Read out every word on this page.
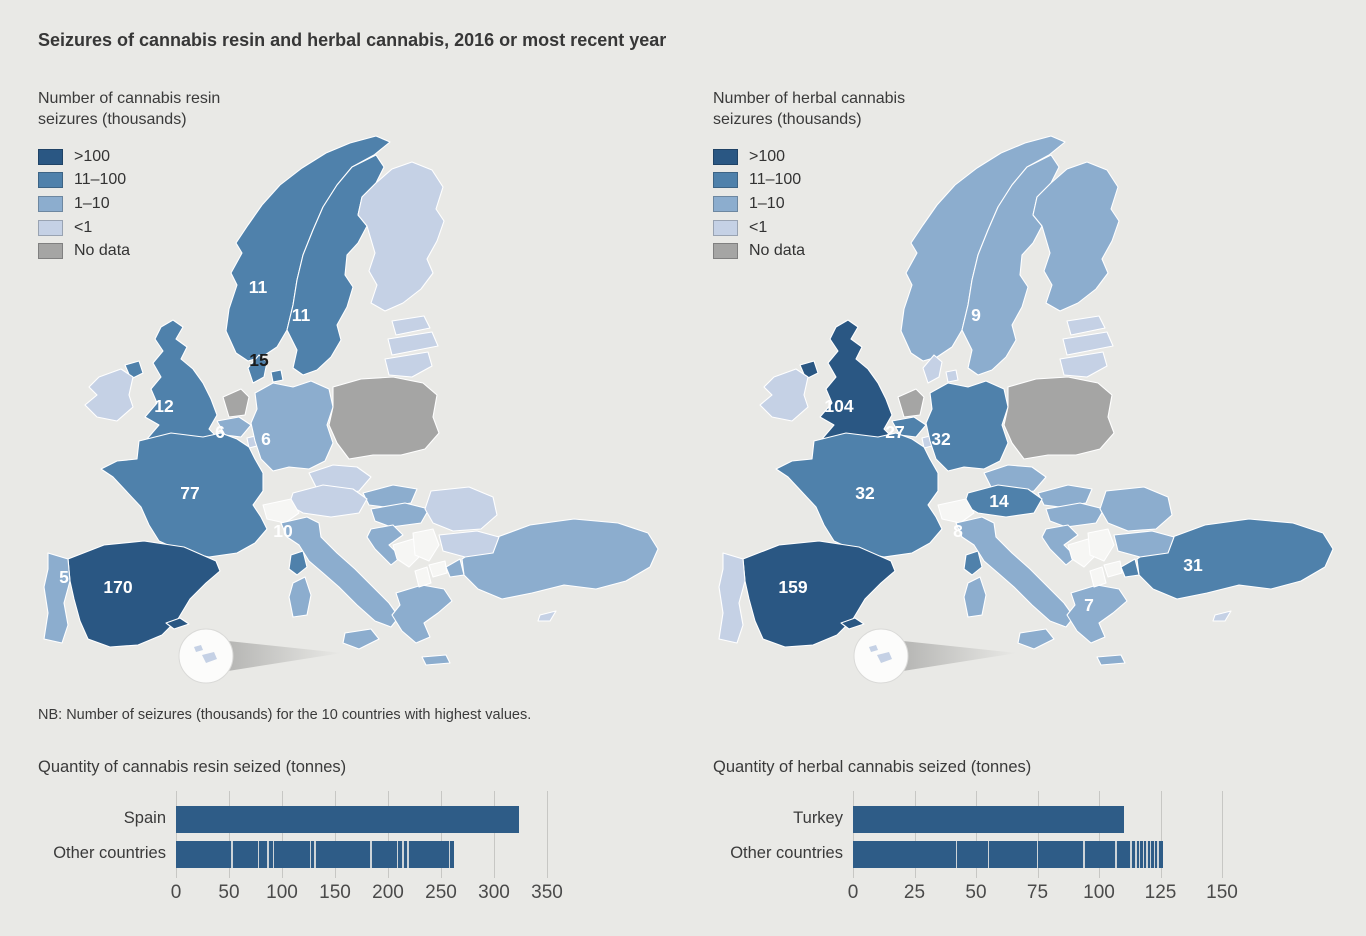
Seizures of cannabis resin and herbal cannabis, 2016 or most recent year
Number of cannabis resin
seizures (thousands)
>100
11–100
1–10
<1
No data
Number of herbal cannabis
seizures (thousands)
>100
11–100
1–10
<1
No data
11
11
15
12
6 6
77
170
5
10
9
104
27 32
14
32
159
8
7
31
NB: Number of seizures (thousands) for the 10 countries with highest values.
Quantity of cannabis resin seized (tonnes)	Quantity of herbal cannabis seized (tonnes)
0	50	100	150	200	250	300	350
Spain
Other countries
0	25	50	75	100	125	150
Turkey
Other countries
